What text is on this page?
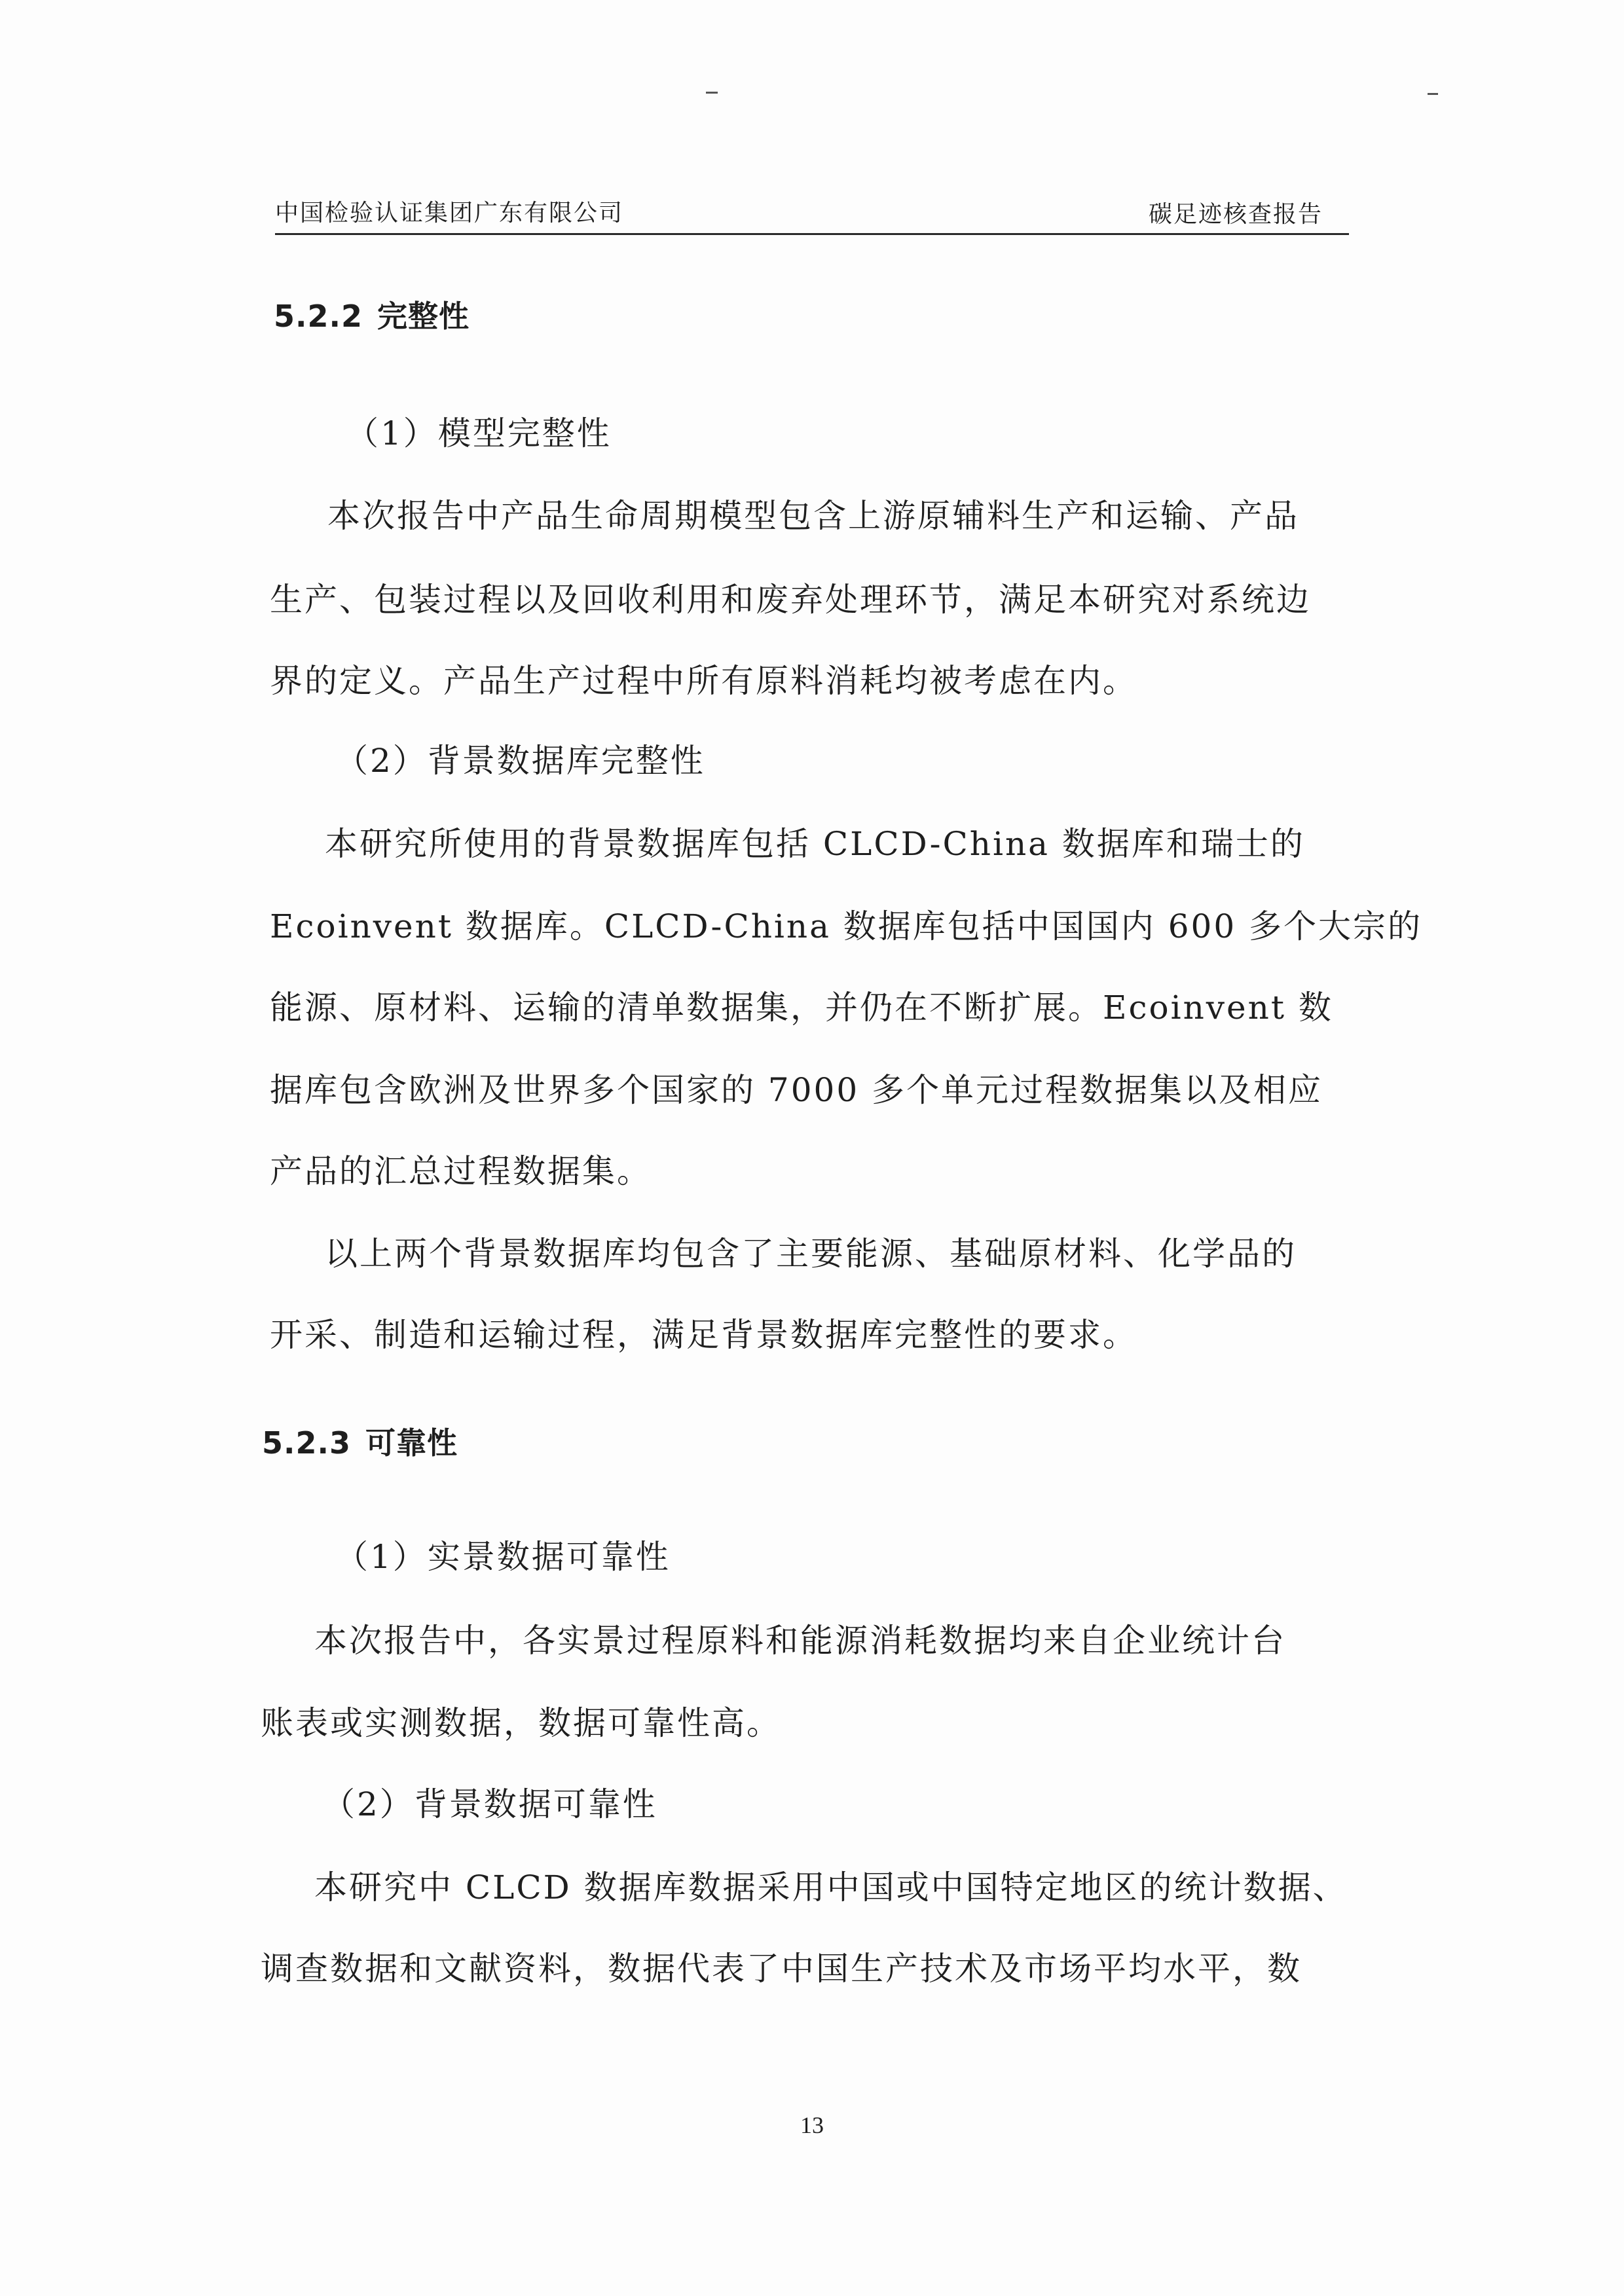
中国检验认证集团广东有限公司	碳足迹核查报告
5.2.2 完整性
（1）模型完整性
本次报告中产品生命周期模型包含上游原辅料生产和运输、产品
生产、包装过程以及回收利用和废弃处理环节，满足本研究对系统边
界的定义。产品生产过程中所有原料消耗均被考虑在内。
（2）背景数据库完整性
本研究所使用的背景数据库包括 CLCD-China 数据库和瑞士的
Ecoinvent 数据库。CLCD-China 数据库包括中国国内 600 多个大宗的
能源、原材料、运输的清单数据集，并仍在不断扩展。Ecoinvent 数
据库包含欧洲及世界多个国家的 7000 多个单元过程数据集以及相应
产品的汇总过程数据集。
以上两个背景数据库均包含了主要能源、基础原材料、化学品的
开采、制造和运输过程，满足背景数据库完整性的要求。
5.2.3 可靠性
（1）实景数据可靠性
本次报告中，各实景过程原料和能源消耗数据均来自企业统计台
账表或实测数据，数据可靠性高。
（2）背景数据可靠性
本研究中 CLCD 数据库数据采用中国或中国特定地区的统计数据、
调查数据和文献资料，数据代表了中国生产技术及市场平均水平，数
13
